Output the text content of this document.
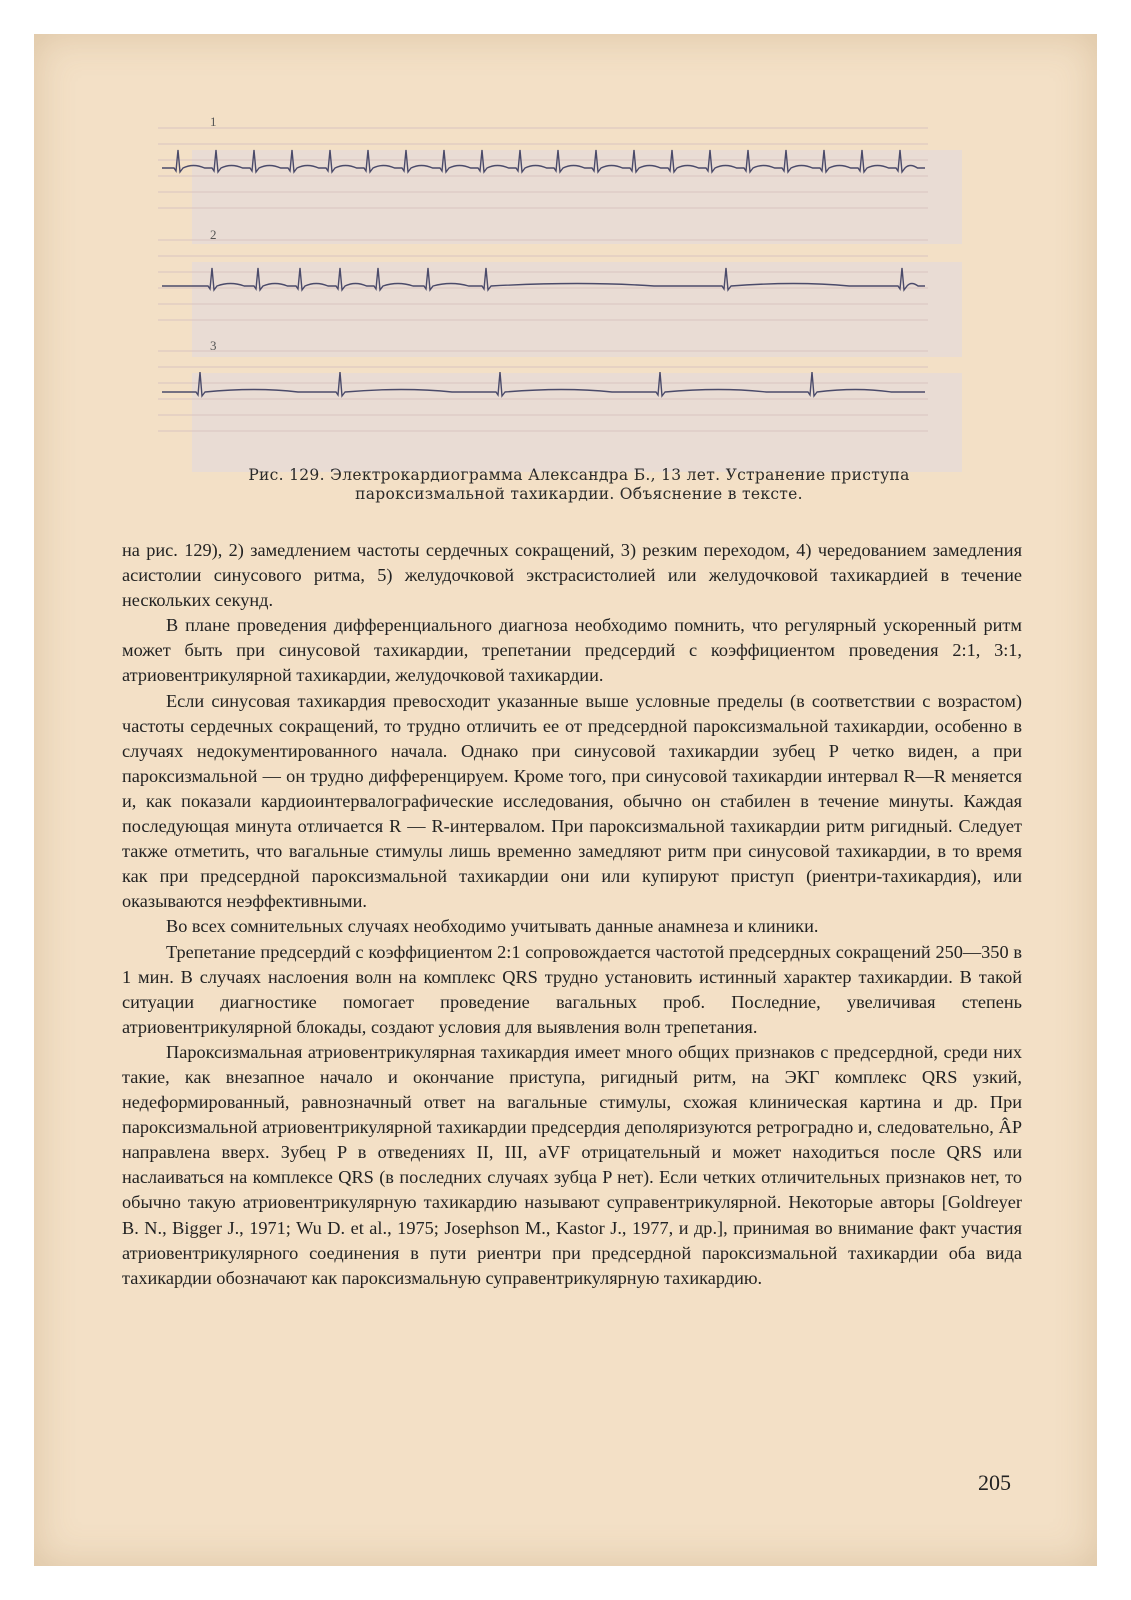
1
2
3
Рис. 129. Электрокардиограмма Александра Б., 13 лет. Устранение приступа
пароксизмальной тахикардии. Объяснение в тексте.

на рис. 129), 2) замедлением частоты сердечных сокращений, 3) резким переходом, 4) чередованием замедления асистолии синусового ритма, 5) желудочковой экстрасистолией или желудочковой тахикардией в течение нескольких секунд.

В плане проведения дифференциального диагноза необходимо помнить, что регулярный ускоренный ритм может быть при синусовой тахикардии, трепетании предсердий с коэффициентом проведения 2:1, 3:1, атриовентрикулярной тахикардии, желудочковой тахикардии.

Если синусовая тахикардия превосходит указанные выше условные пределы (в соответствии с возрастом) частоты сердечных сокращений, то трудно отличить ее от предсердной пароксизмальной тахикардии, особенно в случаях недокументированного начала. Однако при синусовой тахикардии зубец P четко виден, а при пароксизмальной — он трудно дифференцируем. Кроме того, при синусовой тахикардии интервал R—R меняется и, как показали кардиоинтервалографические исследования, обычно он стабилен в течение минуты. Каждая последующая минута отличается R — R-интервалом. При пароксизмальной тахикардии ритм ригидный. Следует также отметить, что вагальные стимулы лишь временно замедляют ритм при синусовой тахикардии, в то время как при предсердной пароксизмальной тахикардии они или купируют приступ (риентри-тахикардия), или оказываются неэффективными.

Во всех сомнительных случаях необходимо учитывать данные анамнеза и клиники.

Трепетание предсердий с коэффициентом 2:1 сопровождается частотой предсердных сокращений 250—350 в 1 мин. В случаях наслоения волн на комплекс QRS трудно установить истинный характер тахикардии. В такой ситуации диагностике помогает проведение вагальных проб. Последние, увеличивая степень атриовентрикулярной блокады, создают условия для выявления волн трепетания.

Пароксизмальная атриовентрикулярная тахикардия имеет много общих признаков с предсердной, среди них такие, как внезапное начало и окончание приступа, ригидный ритм, на ЭКГ комплекс QRS узкий, недеформированный, равнозначный ответ на вагальные стимулы, схожая клиническая картина и др. При пароксизмальной атриовентрикулярной тахикардии предсердия деполяризуются ретроградно и, следовательно, ÂP направлена вверх. Зубец P в отведениях II, III, aVF отрицательный и может находиться после QRS или наслаиваться на комплексе QRS (в последних случаях зубца P нет). Если четких отличительных признаков нет, то обычно такую атриовентрикулярную тахикардию называют суправентрикулярной. Некоторые авторы [Goldreyer B. N., Bigger J., 1971; Wu D. et al., 1975; Josephson M., Kastor J., 1977, и др.], принимая во внимание факт участия атриовентрикулярного соединения в пути риентри при предсердной пароксизмальной тахикардии оба вида тахикардии обозначают как пароксизмальную суправентрикулярную тахикардию.

205
